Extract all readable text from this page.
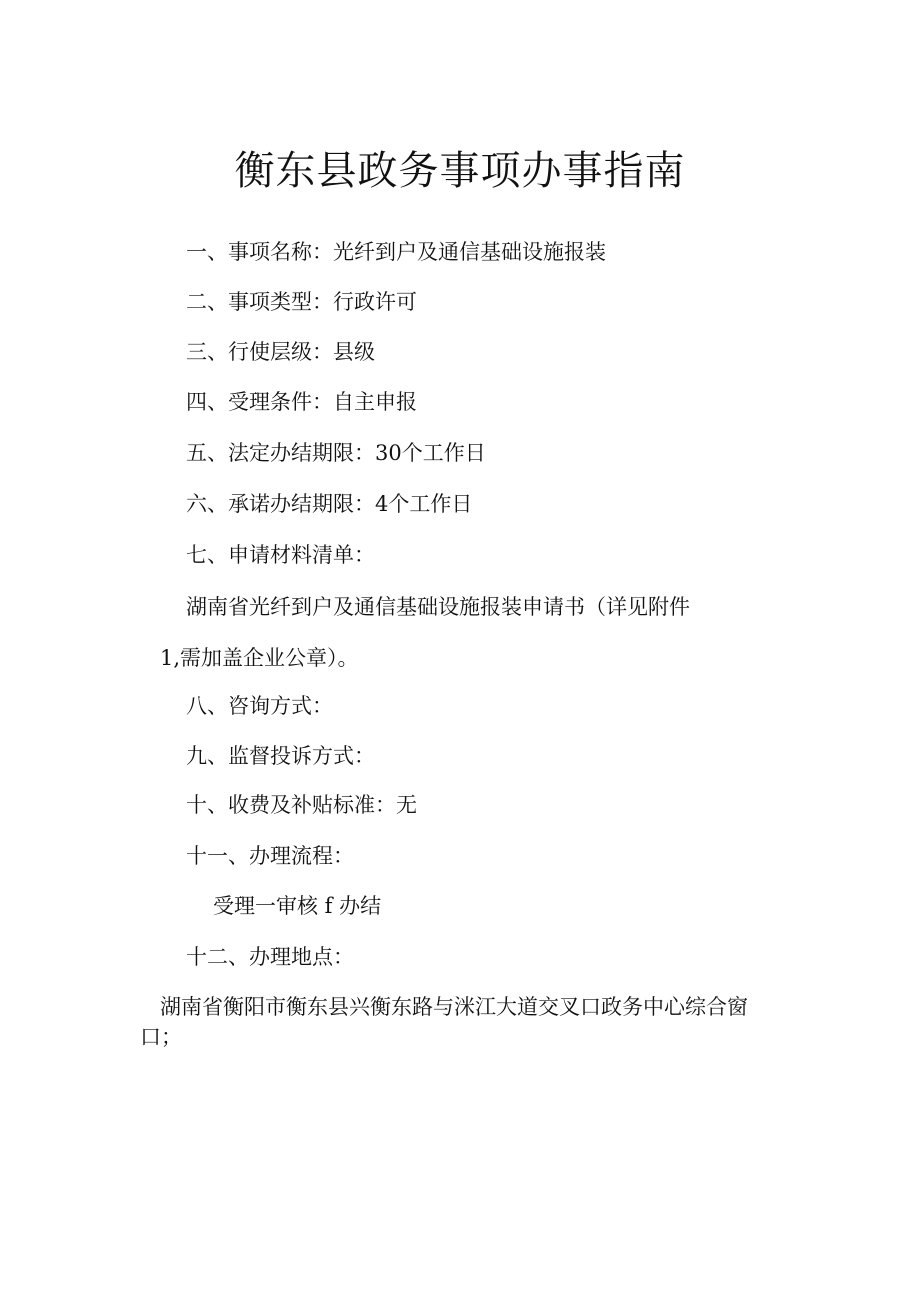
衡东县政务事项办事指南
一、事项名称：光纤到户及通信基础设施报装
二、事项类型：行政许可
三、行使层级：县级
四、受理条件：自主申报
五、法定办结期限：30个工作日
六、承诺办结期限：4个工作日
七、申请材料清单：
湖南省光纤到户及通信基础设施报装申请书（详见附件
1,需加盖企业公章）。
八、咨询方式：
九、监督投诉方式：
十、收费及补贴标准：无
十一、办理流程：
受理一审核 f 办结
十二、办理地点：
湖南省衡阳市衡东县兴衡东路与洣江大道交叉口政务中心综合窗
口；
